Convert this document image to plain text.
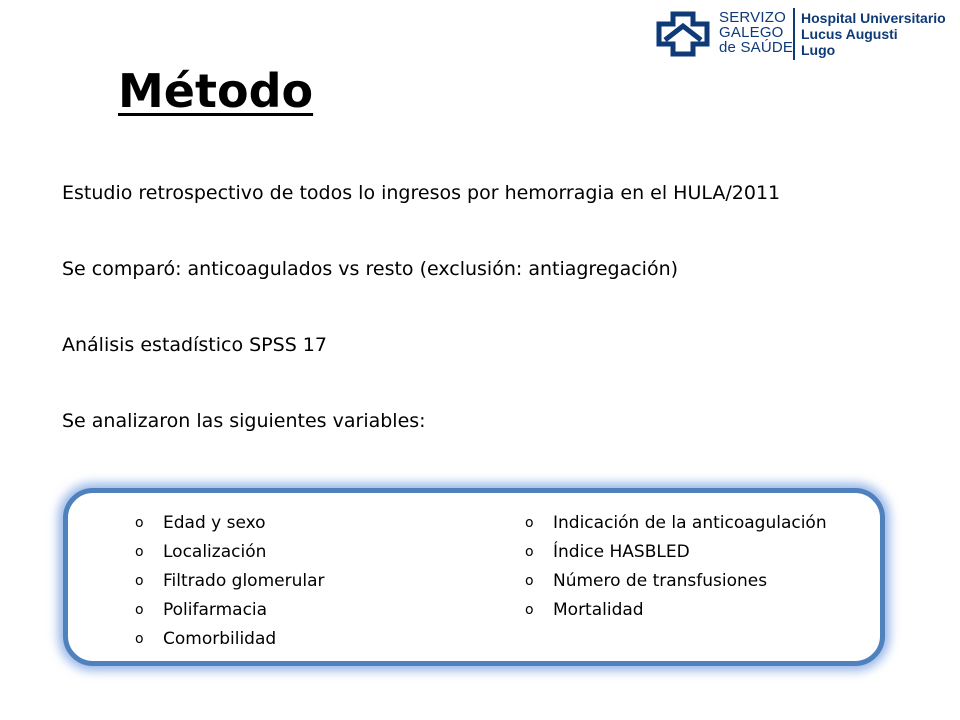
SERVIZO
GALEGO
de SAÚDE
Hospital Universitario
Lucus Augusti
Lugo
Método
Estudio retrospectivo de todos lo ingresos por hemorragia en el HULA/2011
Se comparó: anticoagulados vs resto (exclusión: antiagregación)
Análisis estadístico SPSS 17
Se analizaron las siguientes variables:
o Edad y sexo
o Localización
o Filtrado glomerular
o Polifarmacia
o Comorbilidad
o Indicación de la anticoagulación
o Índice HASBLED
o Número de transfusiones
o Mortalidad
